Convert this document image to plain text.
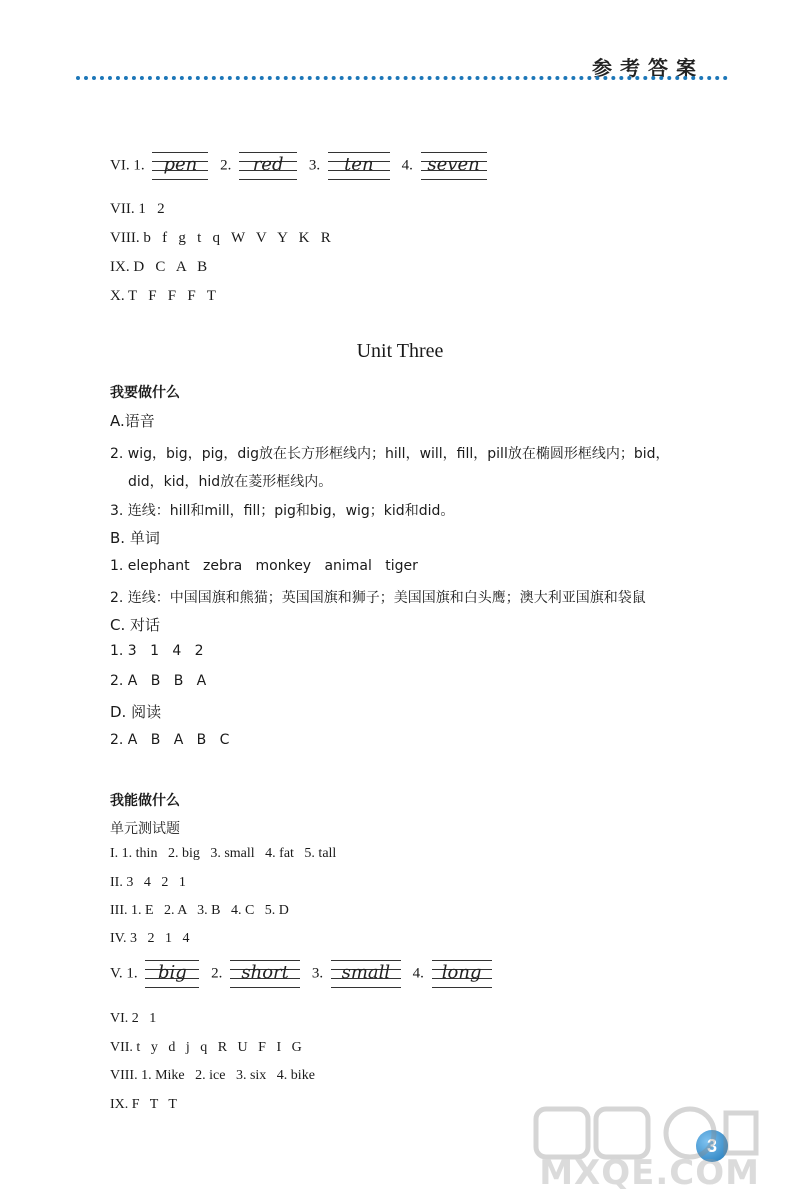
参考答案
VI. 1.	pen	2.	red	3.	ten	4. seven
VII. 1   2
VIII. b   f   g   t   q   W   V   Y   K   R
IX. D   C   A   B
X. T   F   F   F   T
Unit Three
我要做什么
A.语音
2. wig，big，pig，dig放在长方形框线内；hill，will，fill，pill放在椭圆形框线内；bid，
did，kid，hid放在菱形框线内。
3. 连线：hill和mill，fill；pig和big，wig；kid和did。
B. 单词
1. elephant   zebra   monkey   animal   tiger
2. 连线：中国国旗和熊猫；英国国旗和狮子；美国国旗和白头鹰；澳大利亚国旗和袋鼠
C. 对话
1. 3   1   4   2
2. A   B   B   A
D. 阅读
2. A   B   A   B   C
我能做什么
单元测试题
I. 1. thin   2. big   3. small   4. fat   5. tall
II. 3   4   2   1
III. 1. E   2. A   3. B   4. C   5. D
IV. 3   2   1   4
V. 1.	big	2.	short	3.	small	4. long
VI. 2   1
VII. t   y   d   j   q   R   U   F   I   G
VIII. 1. Mike   2. ice   3. six   4. bike
IX. F   T   T
3
MXQE.COM
